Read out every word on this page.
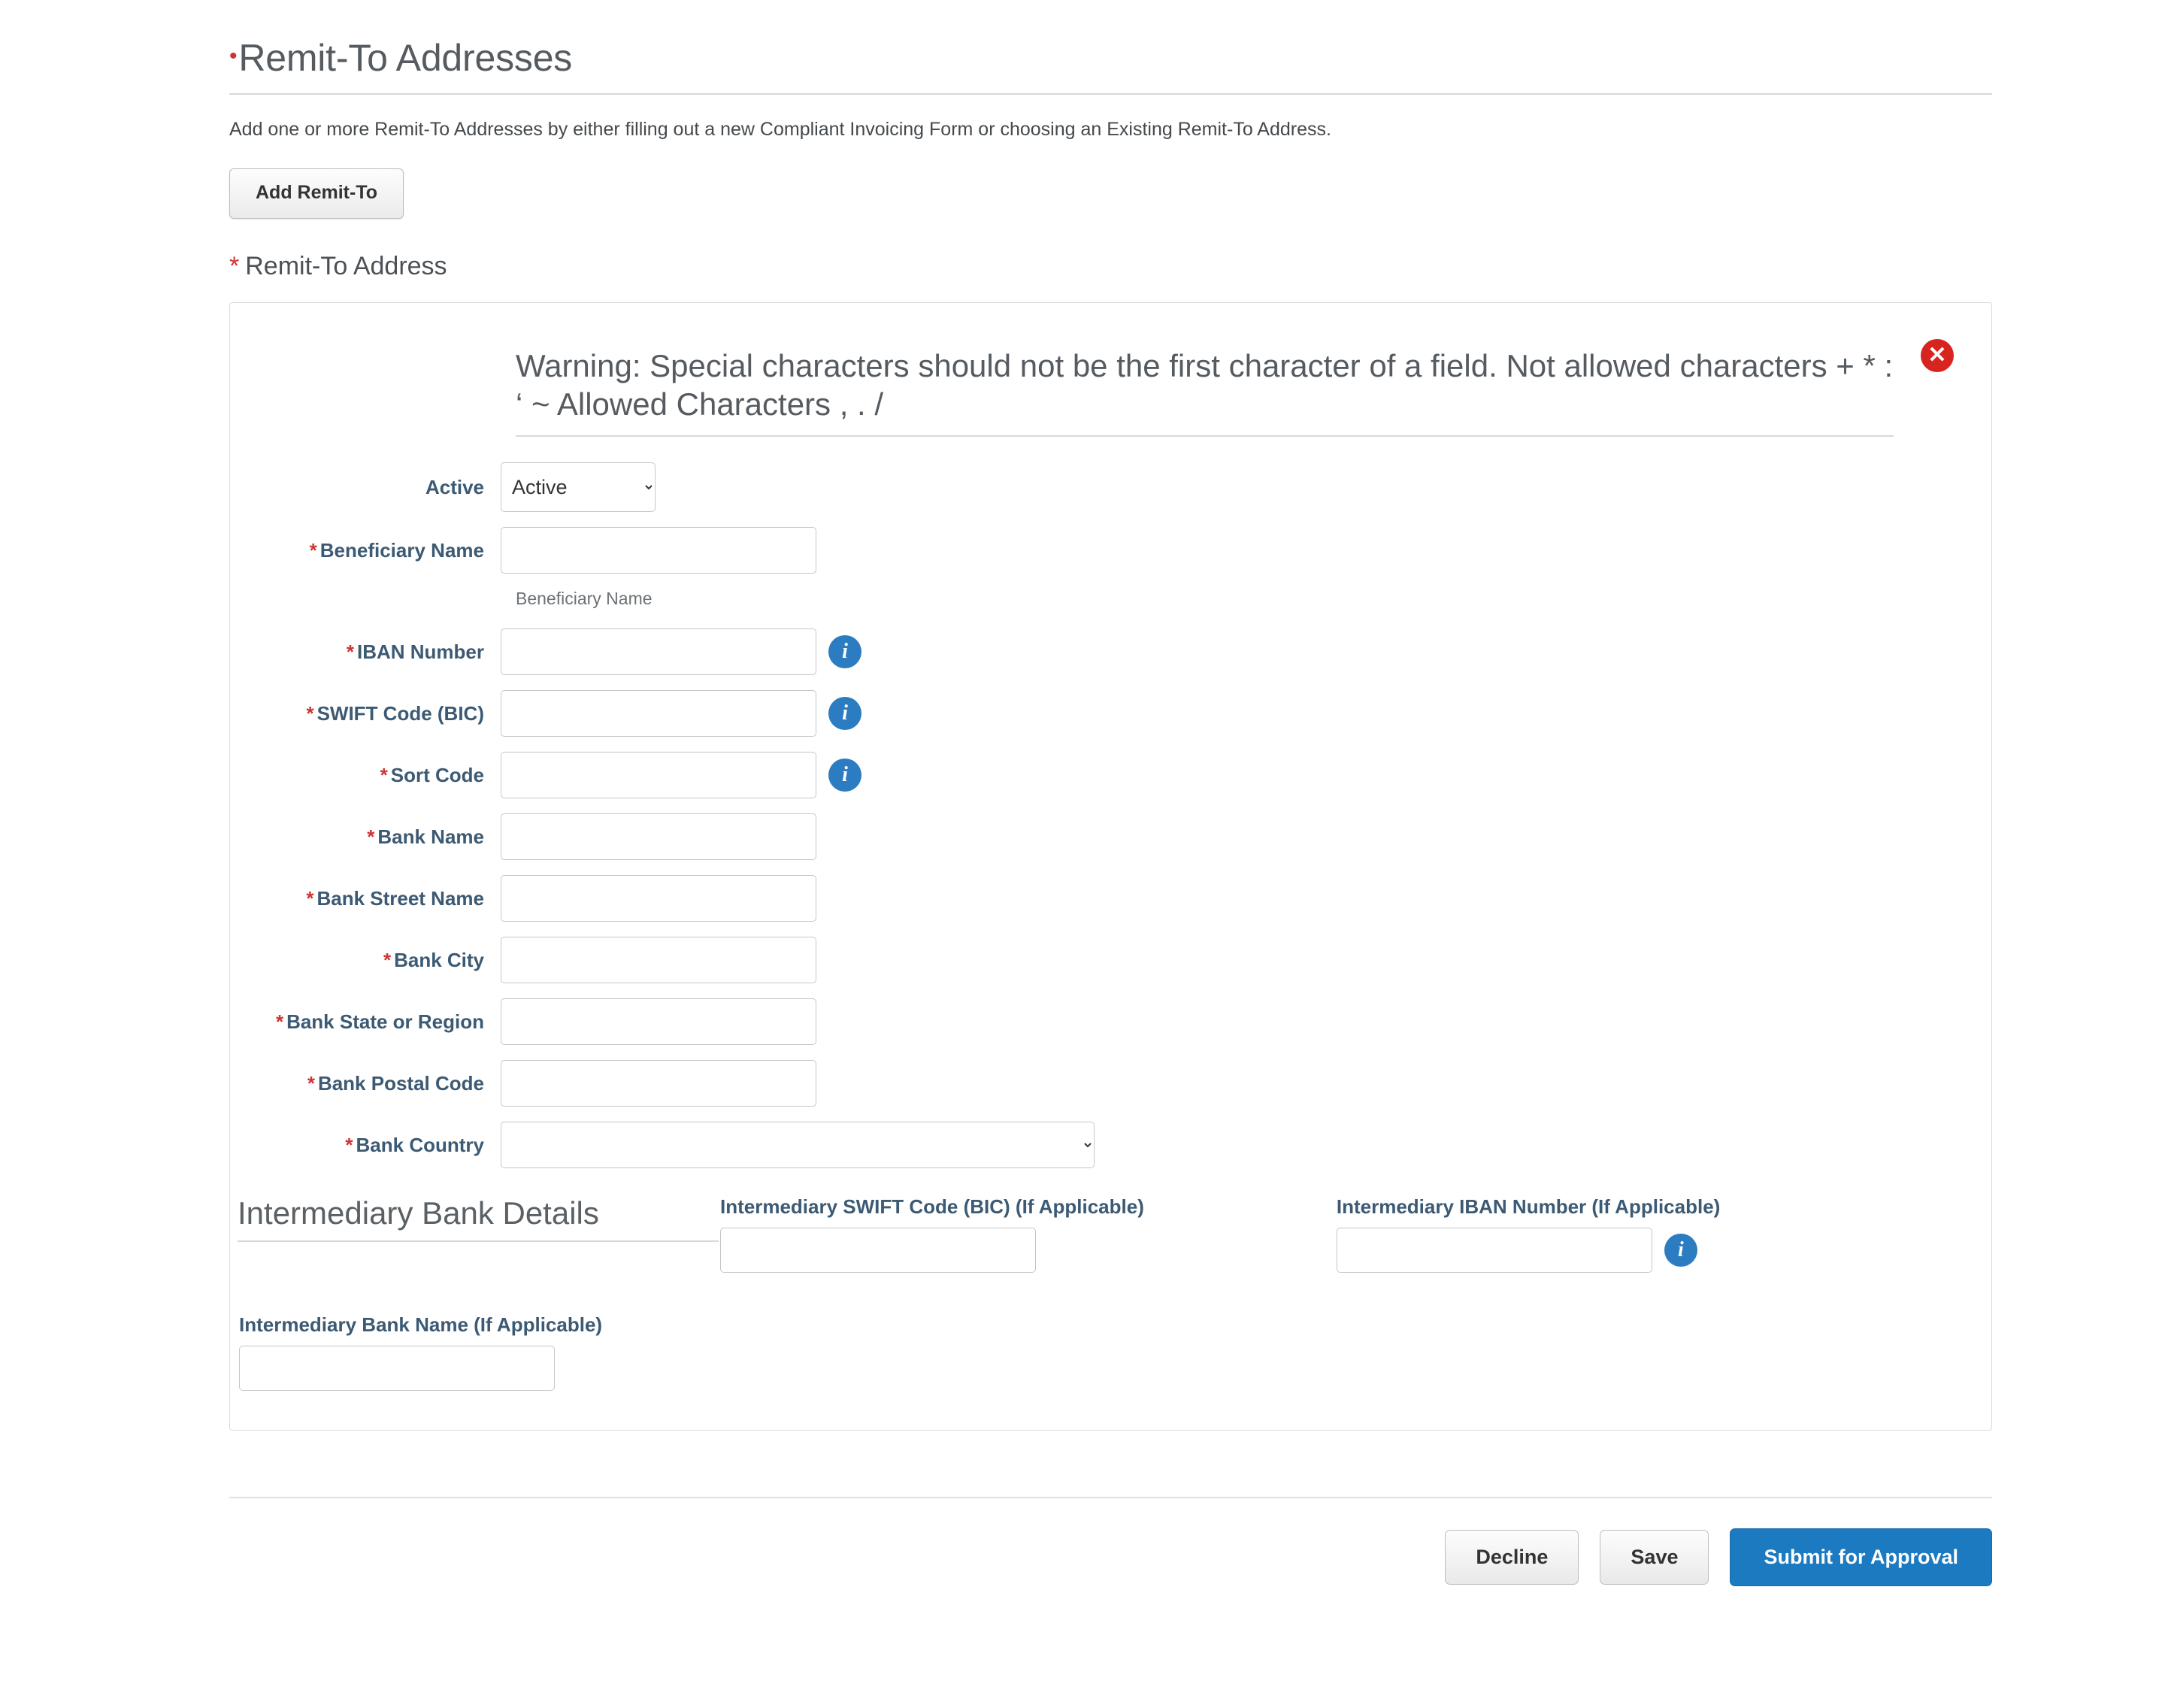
•Remit-To Addresses
Add one or more Remit-To Addresses by either filling out a new Compliant Invoicing Form or choosing an Existing Remit-To Address.
Add Remit-To
* Remit-To Address
Warning: Special characters should not be the first character of a field. Not allowed characters + * : ‘ ~ Allowed Characters , . /
✕
Active
Active
* Beneficiary Name
Beneficiary Name
* IBAN Number	i
* SWIFT Code (BIC)	i
* Sort Code	i
* Bank Name
* Bank Street Name
* Bank City
* Bank State or Region
* Bank Postal Code
* Bank Country
Intermediary Bank Details	Intermediary SWIFT Code (BIC) (If Applicable)	Intermediary IBAN Number (If Applicable)
i
Intermediary Bank Name (If Applicable)
Decline	Save	Submit for Approval
